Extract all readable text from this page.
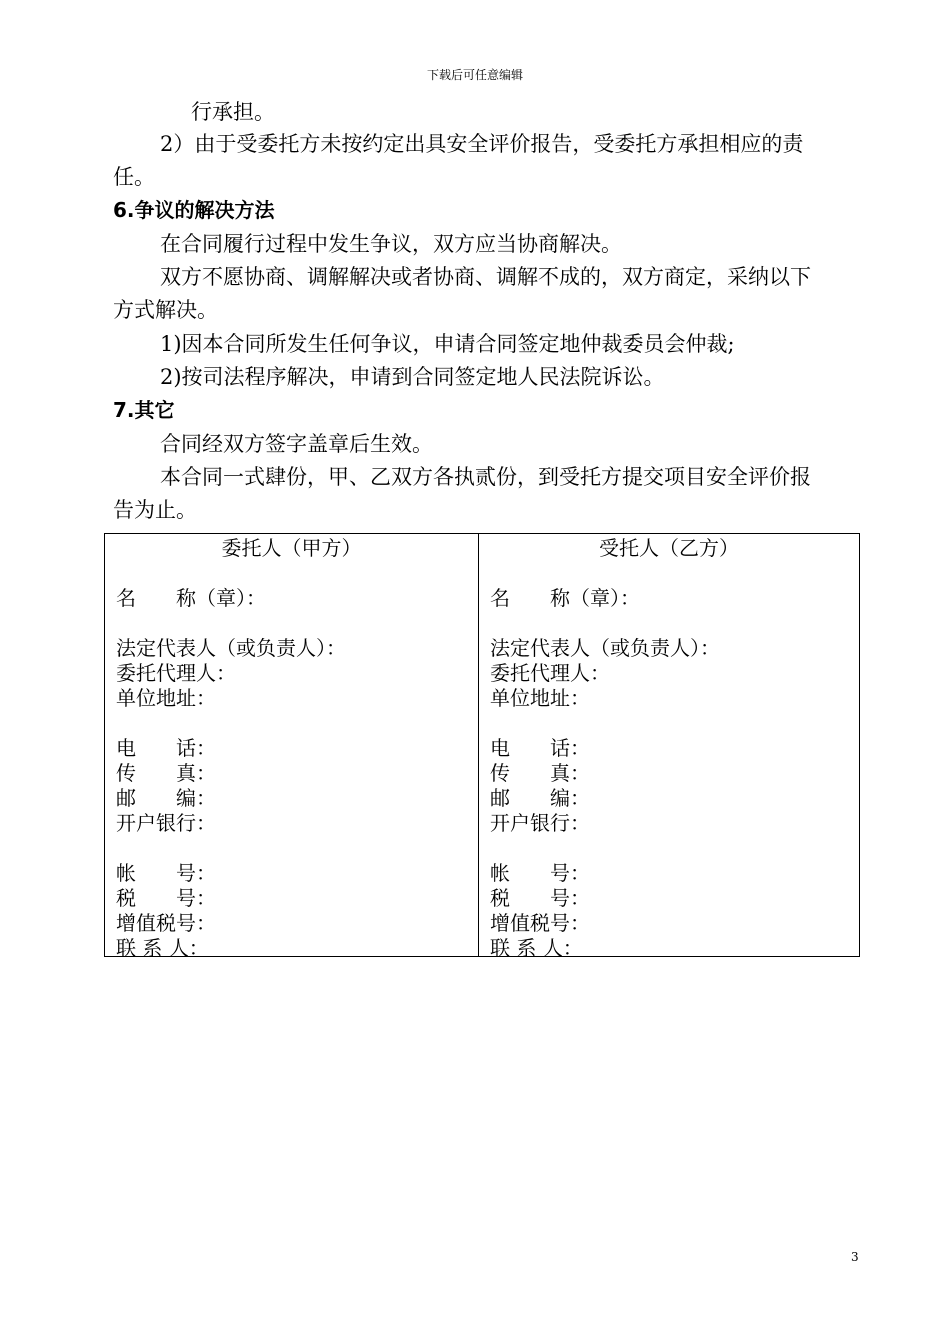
下载后可任意编辑
行承担。
2）由于受委托方未按约定出具安全评价报告，受委托方承担相应的责
任。
6.争议的解决方法
在合同履行过程中发生争议，双方应当协商解决。
双方不愿协商、调解解决或者协商、调解不成的，双方商定，采纳以下
方式解决。
1)因本合同所发生任何争议，申请合同签定地仲裁委员会仲裁;
2)按司法程序解决，申请到合同签定地人民法院诉讼。
7.其它
合同经双方签字盖章后生效。
本合同一式肆份，甲、乙双方各执贰份，到受托方提交项目安全评价报
告为止。
委托人（甲方）
名　　称（章）：
法定代表人（或负责人）：
委托代理人：
单位地址：
电　　话：
传　　真：
邮　　编：
开户银行：
帐　　号：
税　　号：
增值税号：
联 系 人：
受托人（乙方）
名　　称（章）：
法定代表人（或负责人）：
委托代理人：
单位地址：
电　　话：
传　　真：
邮　　编：
开户银行：
帐　　号：
税　　号：
增值税号：
联 系 人：
3
